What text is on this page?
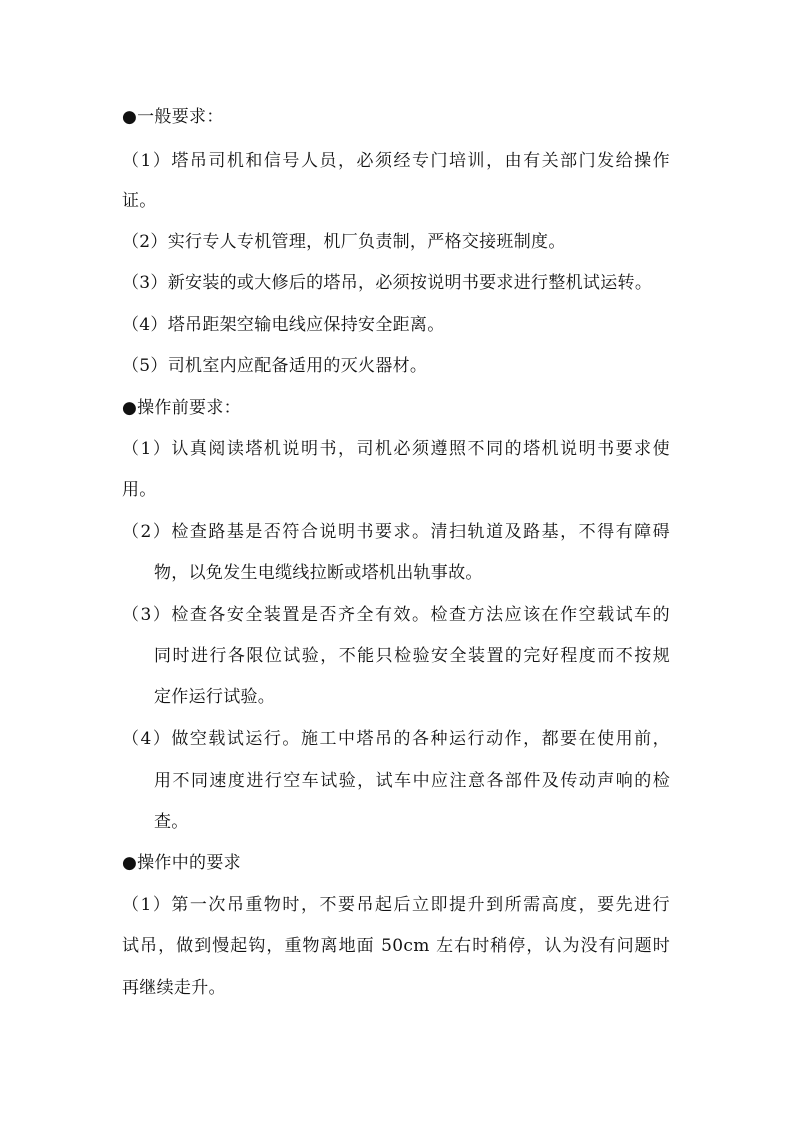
●一般要求：
（1）塔吊司机和信号人员，必须经专门培训，由有关部门发给操作
证。
（2）实行专人专机管理，机厂负责制，严格交接班制度。
（3）新安装的或大修后的塔吊，必须按说明书要求进行整机试运转。
（4）塔吊距架空输电线应保持安全距离。
（5）司机室内应配备适用的灭火器材。
●操作前要求：
（1）认真阅读塔机说明书，司机必须遵照不同的塔机说明书要求使
用。
（2）检查路基是否符合说明书要求。清扫轨道及路基，不得有障碍
物，以免发生电缆线拉断或塔机出轨事故。
（3）检查各安全装置是否齐全有效。检查方法应该在作空载试车的
同时进行各限位试验，不能只检验安全装置的完好程度而不按规
定作运行试验。
（4）做空载试运行。施工中塔吊的各种运行动作，都要在使用前，
用不同速度进行空车试验，试车中应注意各部件及传动声响的检
查。
●操作中的要求
（1）第一次吊重物时，不要吊起后立即提升到所需高度，要先进行
试吊，做到慢起钩，重物离地面 50cm 左右时稍停，认为没有问题时
再继续走升。
